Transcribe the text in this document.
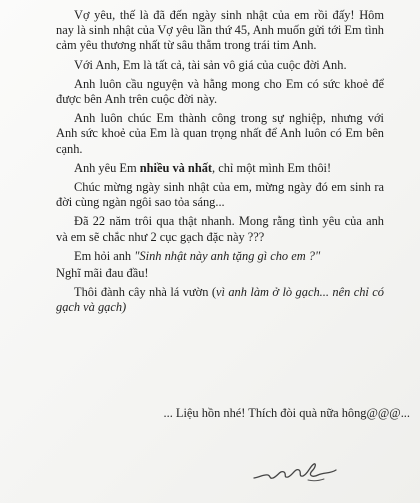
Vợ yêu, thế là đã đến ngày sinh nhật của em rồi đấy! Hôm nay là sinh nhật của Vợ yêu lần thứ 45, Anh muốn gửi tới Em tình cảm yêu thương nhất từ sâu thẳm trong trái tim Anh.

Với Anh, Em là tất cả, tài sản vô giá của cuộc đời Anh.

Anh luôn cầu nguyện và hằng mong cho Em có sức khoẻ để được bên Anh trên cuộc đời này.

Anh luôn chúc Em thành công trong sự nghiệp, nhưng với Anh sức khoẻ của Em là quan trọng nhất để Anh luôn có Em bên cạnh.

Anh yêu Em nhiều và nhất, chỉ một mình Em thôi!

Chúc mừng ngày sinh nhật của em, mừng ngày đó em sinh ra đời cùng ngàn ngôi sao tỏa sáng...

Đã 22 năm trôi qua thật nhanh. Mong rằng tình yêu của anh và em sẽ chắc như 2 cục gạch đặc này ???

Em hỏi anh "Sinh nhật này anh tặng gì cho em ?"

Nghĩ mãi đau đầu!

Thôi đành cây nhà lá vườn (vì anh làm ở lò gạch... nên chỉ có gạch và gạch)

... Liệu hồn nhé! Thích đòi quà nữa hông@@@...
